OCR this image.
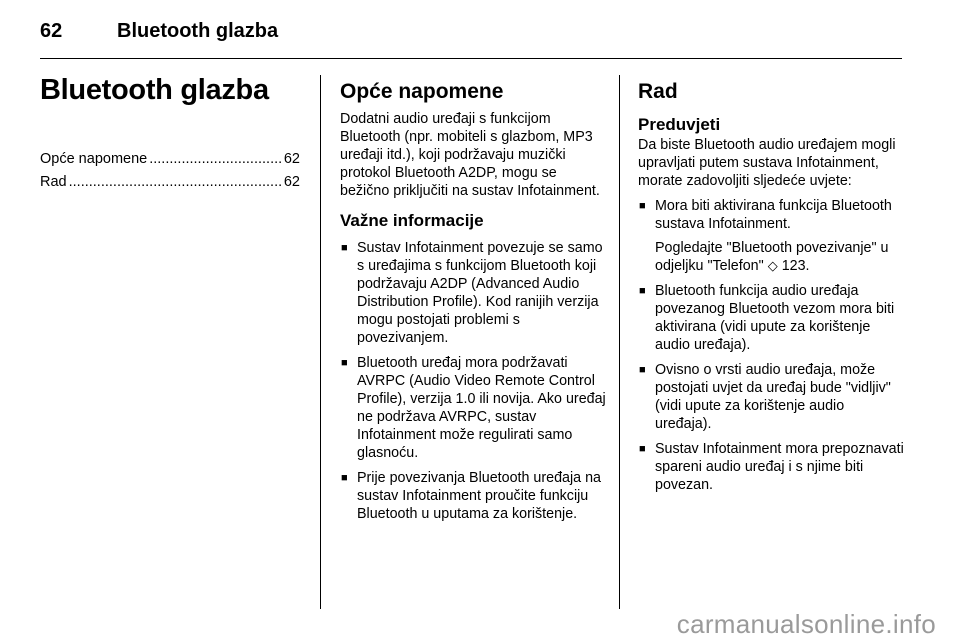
62	Bluetooth glazba
Bluetooth glazba
Opće napomene .....	62
Rad .....	62
Opće napomene

Dodatni audio uređaji s funkcijom Bluetooth (npr. mobiteli s glazbom, MP3 uređaji itd.), koji podržavaju muzički protokol Bluetooth A2DP, mogu se bežično priključiti na sustav Infotainment.

Važne informacije
■ Sustav Infotainment povezuje se samo s uređajima s funkcijom Bluetooth koji podržavaju A2DP (Advanced Audio Distribution Profile). Kod ranijih verzija mogu postojati problemi s povezivanjem.
■ Bluetooth uređaj mora podržavati AVRPC (Audio Video Remote Control Profile), verzija 1.0 ili novija. Ako uređaj ne podržava AVRPC, sustav Infotainment može regulirati samo glasnoću.
■ Prije povezivanja Bluetooth uređaja na sustav Infotainment proučite funkciju Bluetooth u uputama za korištenje.
Rad
Preduvjeti

Da biste Bluetooth audio uređajem mogli upravljati putem sustava Infotainment, morate zadovoljiti sljedeće uvjete:

■ Mora biti aktivirana funkcija Bluetooth sustava Infotainment.

Pogledajte "Bluetooth povezivanje" u odjeljku "Telefon" ◇ 123.

■ Bluetooth funkcija audio uređaja povezanog Bluetooth vezom mora biti aktivirana (vidi upute za korištenje audio uređaja).
■ Ovisno o vrsti audio uređaja, može postojati uvjet da uređaj bude "vidljiv" (vidi upute za korištenje audio uređaja).
■ Sustav Infotainment mora prepoznavati spareni audio uređaj i s njime biti povezan.
carmanualsonline.info
